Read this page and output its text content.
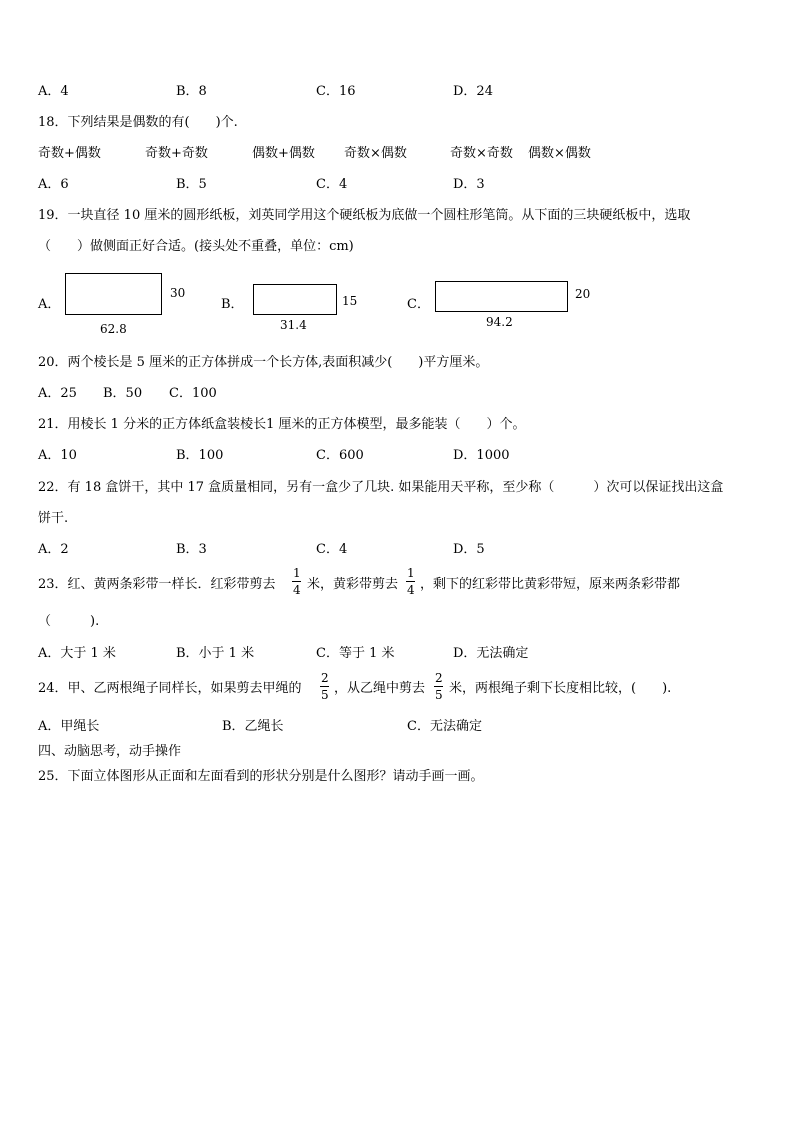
A．4	B．8	C．16	D．24
18．下列结果是偶数的有(　　)个.
奇数+偶数	奇数+奇数	偶数+偶数 奇数×偶数	奇数×奇数 偶数×偶数
A．6	B．5	C．4	D．3
19．一块直径 10 厘米的圆形纸板，刘英同学用这个硬纸板为底做一个圆柱形笔筒。从下面的三块硬纸板中，选取
（　　）做侧面正好合适。(接头处不重叠，单位：cm)
A．
30
62.8
B．	15
31.4
C．
20
94.2
20．两个棱长是 5 厘米的正方体拼成一个长方体,表面积减少(　　)平方厘米。
A．25 B．50 C．100
21．用棱长 1 分米的正方体纸盒装棱长1 厘米的正方体模型，最多能装（　　）个。
A．10	B．100	C．600	D．1000
22．有 18 盒饼干，其中 17 盒质量相同，另有一盒少了几块. 如果能用天平称，至少称（　　　）次可以保证找出这盒
饼干.
A．2	B．3	C．4	D．5
23．红、黄两条彩带一样长．红彩带剪去
1
4 米，黄彩带剪去
1
4 ，剩下的红彩带比黄彩带短，原来两条彩带都
（　　　).
A．大于 1 米	B．小于 1 米	C．等于 1 米	D．无法确定
24．甲、乙两根绳子同样长，如果剪去甲绳的
2
5 ，从乙绳中剪去
2
5 米，两根绳子剩下长度相比较，(　　).
A．甲绳长	B．乙绳长	C．无法确定
四、动脑思考，动手操作
25．下面立体图形从正面和左面看到的形状分别是什么图形？请动手画一画。
